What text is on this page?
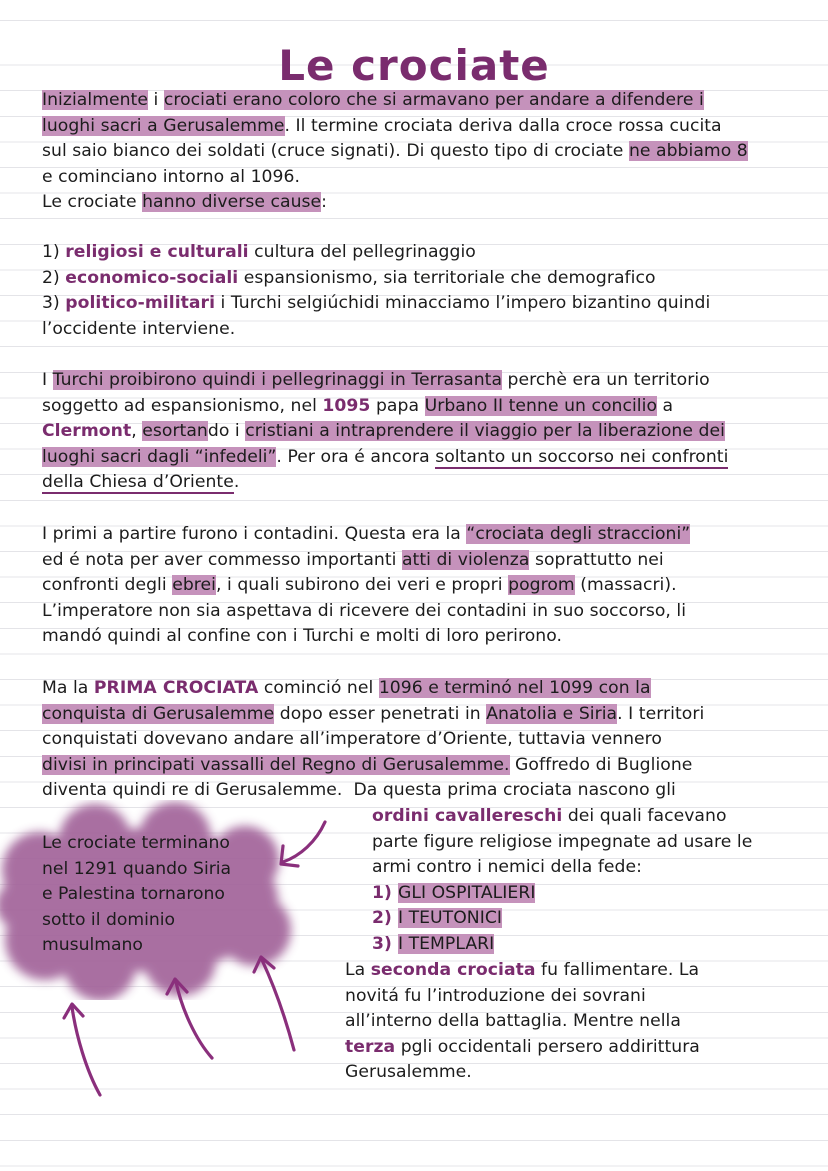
Le crociate
Inizialmente i crociati erano coloro che si armavano per andare a difendere i
luoghi sacri a Gerusalemme. Il termine crociata deriva dalla croce rossa cucita
sul saio bianco dei soldati (cruce signati). Di questo tipo di crociate ne abbiamo 8
e cominciano intorno al 1096.
Le crociate hanno diverse cause:
1) religiosi e culturali cultura del pellegrinaggio
2) economico-sociali espansionismo, sia territoriale che demografico
3) politico-militari i Turchi selgiúchidi minacciamo l’impero bizantino quindi
l’occidente interviene.
I Turchi proibirono quindi i pellegrinaggi in Terrasanta perchè era un territorio
soggetto ad espansionismo, nel 1095 papa Urbano II tenne un concilio a
Clermont, esortando i cristiani a intraprendere il viaggio per la liberazione dei
luoghi sacri dagli “infedeli”. Per ora é ancora soltanto un soccorso nei confronti
della Chiesa d’Oriente.
I primi a partire furono i contadini. Questa era la “crociata degli straccioni”
ed é nota per aver commesso importanti atti di violenza soprattutto nei
confronti degli ebrei, i quali subirono dei veri e propri pogrom (massacri).
L’imperatore non sia aspettava di ricevere dei contadini in suo soccorso, li
mandó quindi al confine con i Turchi e molti di loro perirono.
Ma la PRIMA CROCIATA cominció nel 1096 e terminó nel 1099 con la
conquista di Gerusalemme dopo esser penetrati in Anatolia e Siria. I territori
conquistati dovevano andare all’imperatore d’Oriente, tuttavia vennero
divisi in principati vassalli del Regno di Gerusalemme. Goffredo di Buglione
diventa quindi re di Gerusalemme.  Da questa prima crociata nascono gli
ordini cavallereschi dei quali facevano
parte figure religiose impegnate ad usare le
armi contro i nemici della fede:
1) GLI OSPITALIERI
2) I TEUTONICI
3) I TEMPLARI
La seconda crociata fu fallimentare. La
novitá fu l’introduzione dei sovrani
all’interno della battaglia. Mentre nella
terza pgli occidentali persero addirittura
Gerusalemme.
Le crociate terminano
nel 1291 quando Siria
e Palestina tornarono
sotto il dominio
musulmano
